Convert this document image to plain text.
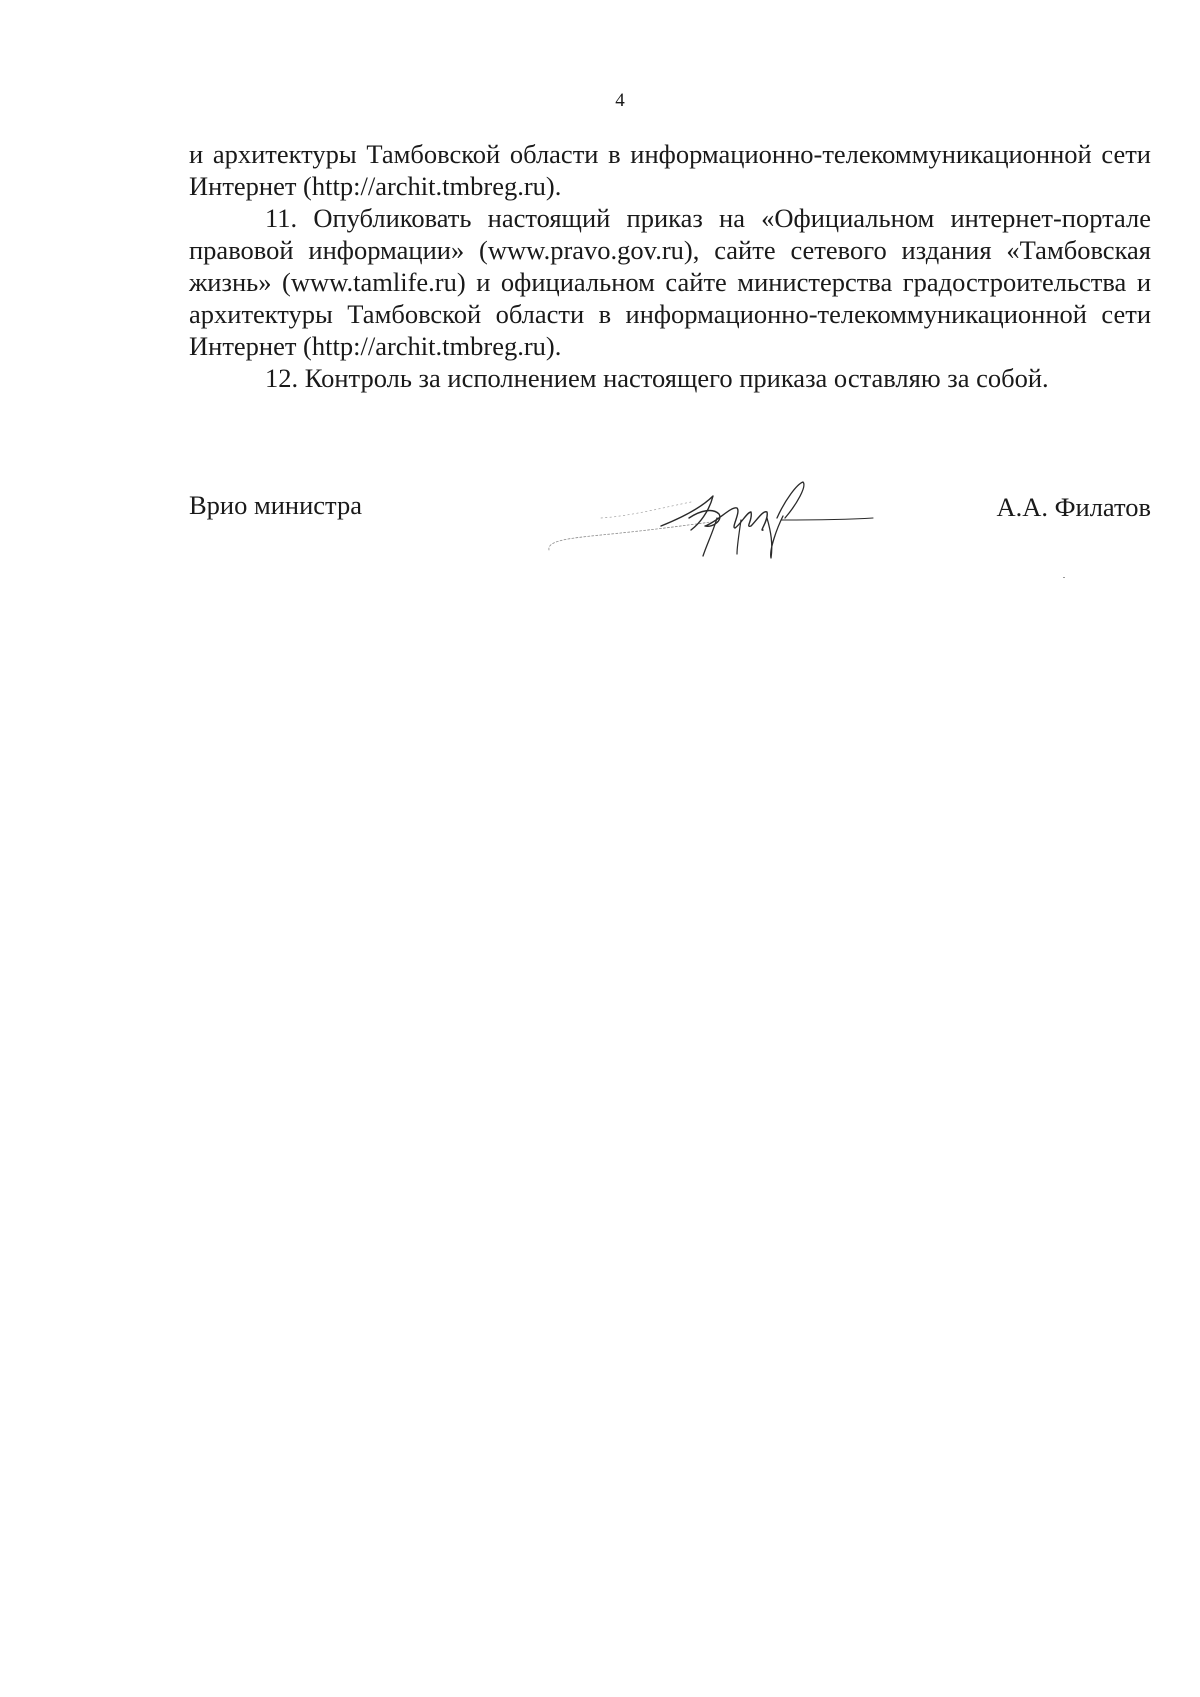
4

и архитектуры Тамбовской области в информационно-телекоммуникационной сети Интернет (http://archit.tmbreg.ru).

11. Опубликовать настоящий приказ на «Официальном интернет-портале правовой информации» (www.pravo.gov.ru), сайте сетевого издания «Тамбовская жизнь» (www.tamlife.ru) и официальном сайте министерства градостроительства и архитектуры Тамбовской области в информационно-телекоммуникационной сети Интернет (http://archit.tmbreg.ru).

12. Контроль за исполнением настоящего приказа оставляю за собой.

Врио министра	А.А. Филатов
